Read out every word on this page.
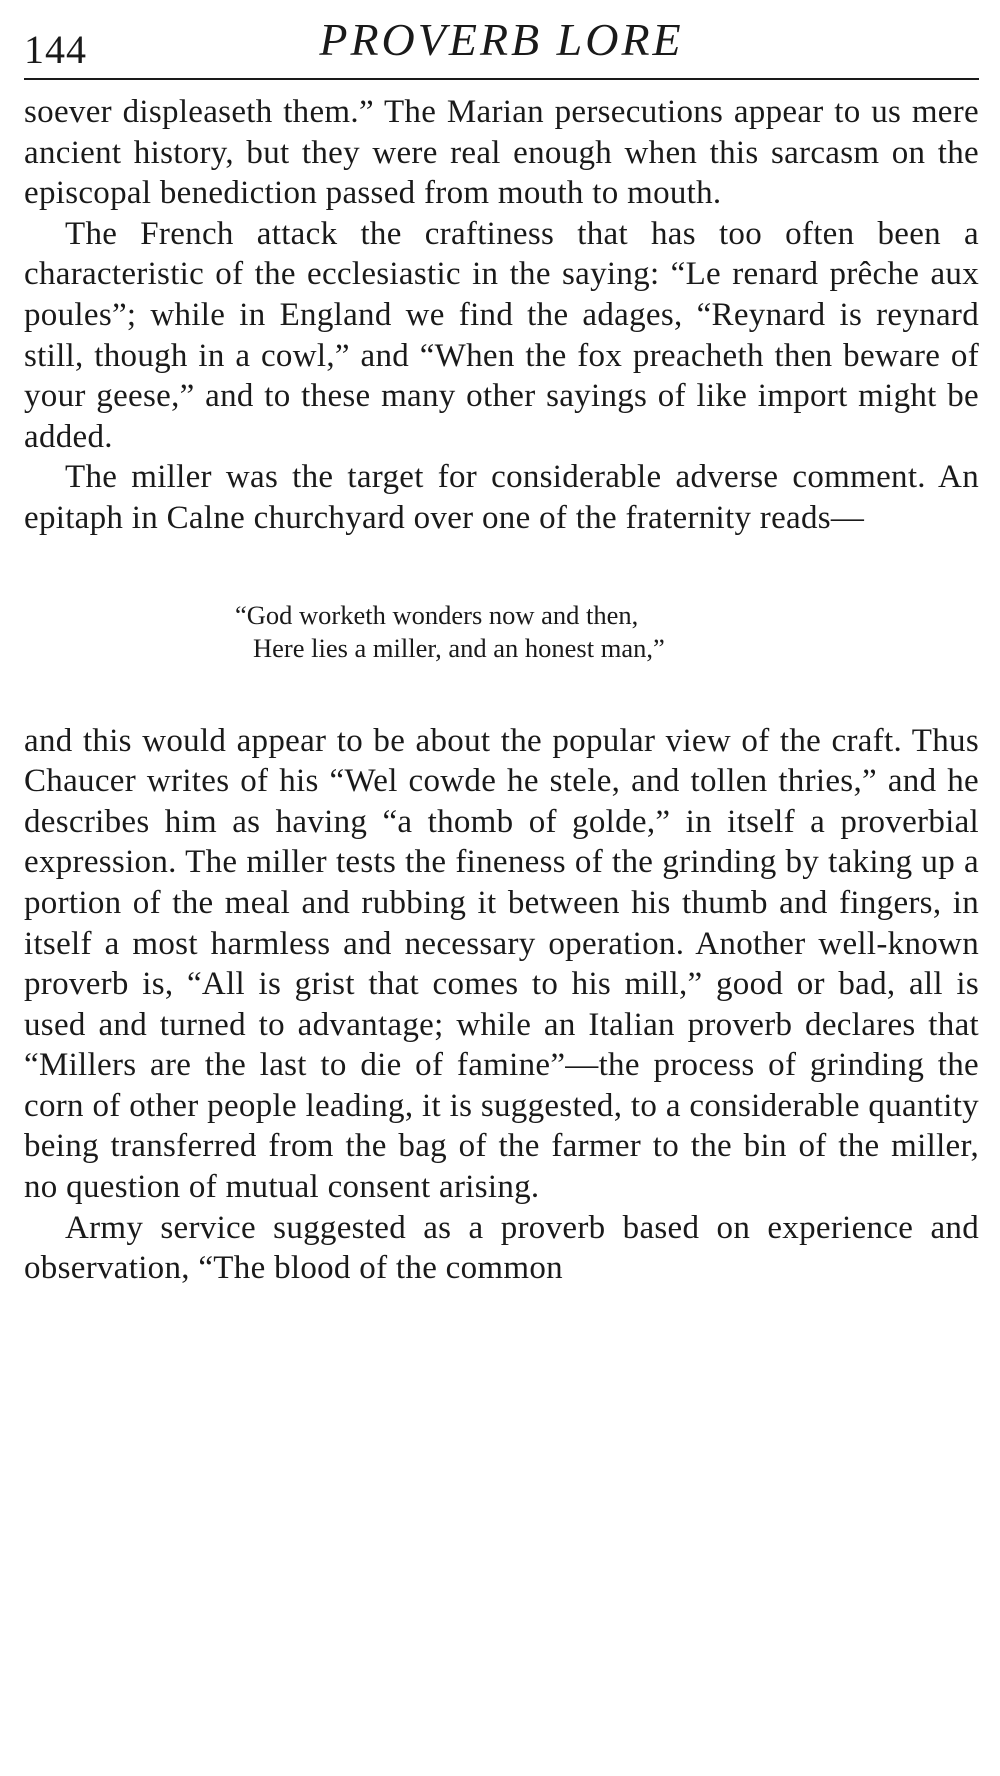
144	PROVERB LORE

soever displeaseth them.” The Marian persecutions appear to us mere ancient history, but they were real enough when this sarcasm on the episcopal benediction passed from mouth to mouth.

The French attack the craftiness that has too often been a characteristic of the ecclesiastic in the saying: “Le renard prêche aux poules”; while in England we find the adages, “Reynard is reynard still, though in a cowl,” and “When the fox preacheth then beware of your geese,” and to these many other sayings of like import might be added.

The miller was the target for considerable adverse comment. An epitaph in Calne churchyard over one of the fraternity reads—

“God worketh wonders now and then,
Here lies a miller, and an honest man,”

and this would appear to be about the popular view of the craft. Thus Chaucer writes of his “Wel cowde he stele, and tollen thries,” and he describes him as having “a thomb of golde,” in itself a proverbial expression. The miller tests the fineness of the grinding by taking up a portion of the meal and rubbing it between his thumb and fingers, in itself a most harmless and necessary operation. Another well-known proverb is, “All is grist that comes to his mill,” good or bad, all is used and turned to advantage; while an Italian proverb declares that “Millers are the last to die of famine”—the process of grinding the corn of other people leading, it is suggested, to a considerable quantity being transferred from the bag of the farmer to the bin of the miller, no question of mutual consent arising.

Army service suggested as a proverb based on experience and observation, “The blood of the common
